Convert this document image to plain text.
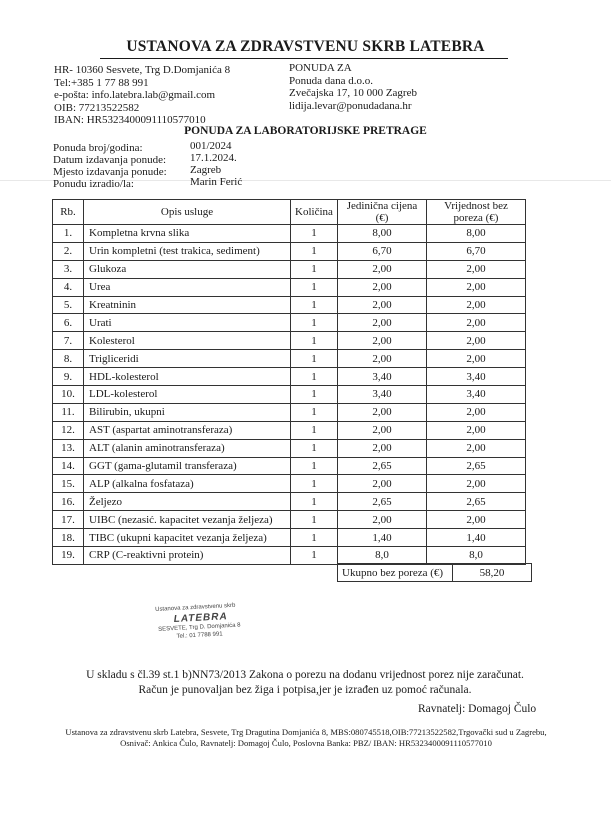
USTANOVA ZA ZDRAVSTVENU SKRB LATEBRA
HR- 10360 Sesvete, Trg D.Domjanića 8
Tel:+385 1 77 88 991
e-pošta: info.latebra.lab@gmail.com
OIB: 77213522582
IBAN: HR5323400091110577010
PONUDA ZA
Ponuda dana d.o.o.
Zvečajska 17, 10 000 Zagreb
lidija.levar@ponudadana.hr
PONUDA ZA LABORATORIJSKE PRETRAGE
Ponuda broj/godina:	001/2024
Datum izdavanja ponude: 17.1.2024.
Mjesto izdavanja ponude: Zagreb
Ponudu izradio/la:	Marin Ferić
Rb.	Opis usluge	Količina	Jedinična cijena (€)	Vrijednost bez poreza (€)
1.	Kompletna krvna slika	1	8,00	8,00
2.	Urin kompletni (test trakica, sediment)	1	6,70	6,70
3.	Glukoza	1	2,00	2,00
4.	Urea	1	2,00	2,00
5.	Kreatninin	1	2,00	2,00
6.	Urati	1	2,00	2,00
7.	Kolesterol	1	2,00	2,00
8.	Trigliceridi	1	2,00	2,00
9.	HDL-kolesterol	1	3,40	3,40
10.	LDL-kolesterol	1	3,40	3,40
11.	Bilirubin, ukupni	1	2,00	2,00
12.	AST (aspartat aminotransferaza)	1	2,00	2,00
13.	ALT (alanin aminotransferaza)	1	2,00	2,00
14.	GGT (gama-glutamil transferaza)	1	2,65	2,65
15.	ALP (alkalna fosfataza)	1	2,00	2,00
16.	Željezo	1	2,65	2,65
17.	UIBC (nezasić. kapacitet vezanja željeza)	1	2,00	2,00
18.	TIBC (ukupni kapacitet vezanja željeza)	1	1,40	1,40
19.	CRP (C-reaktivni protein)	1	8,0	8,0
Ukupno bez poreza (€)	58,20
Ustanova za zdravstvenu skrb
LATEBRA
SESVETE, Trg D. Domjanića 8
Tel.: 01 7788 991
U skladu s čl.39 st.1 b)NN73/2013 Zakona o porezu na dodanu vrijednost porez nije zaračunat. Račun je punovaljan bez žiga i potpisa,jer je izrađen uz pomoć računala.
Ravnatelj: Domagoj Čulo
Ustanova za zdravstvenu skrb Latebra, Sesvete, Trg Dragutina Domjanića 8, MBS:080745518,OIB:77213522582,Trgovački sud u Zagrebu, Osnivač: Ankica Čulo, Ravnatelj: Domagoj Čulo, Poslovna Banka: PBZ/ IBAN: HR5323400091110577010
